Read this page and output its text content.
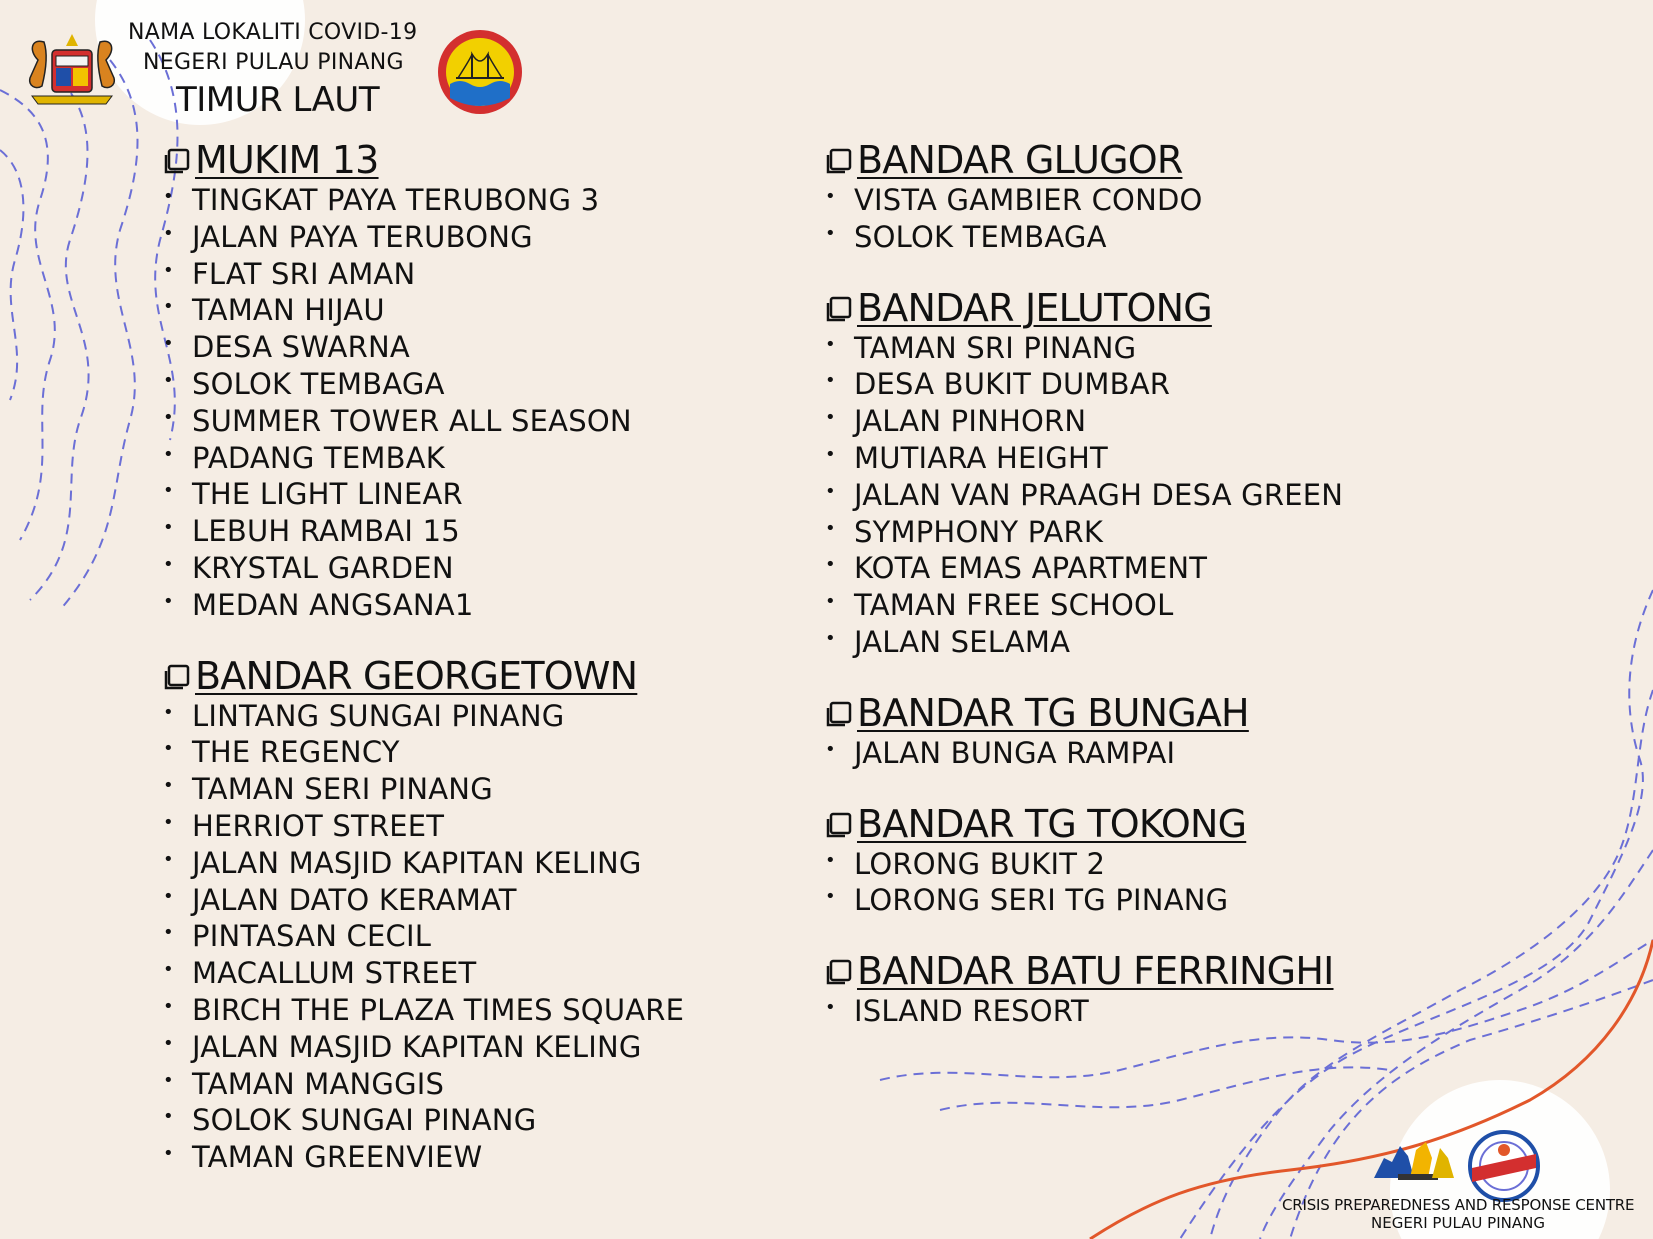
NAMA LOKALITI COVID-19
NEGERI PULAU PINANG
TIMUR LAUT
MUKIM 13
• TINGKAT PAYA TERUBONG 3
• JALAN PAYA TERUBONG
• FLAT SRI AMAN
• TAMAN HIJAU
• DESA SWARNA
• SOLOK TEMBAGA
• SUMMER TOWER ALL SEASON
• PADANG TEMBAK
• THE LIGHT LINEAR
• LEBUH RAMBAI 15
• KRYSTAL GARDEN
• MEDAN ANGSANA1
BANDAR GEORGETOWN
• LINTANG SUNGAI PINANG
• THE REGENCY
• TAMAN SERI PINANG
• HERRIOT STREET
• JALAN MASJID KAPITAN KELING
• JALAN DATO KERAMAT
• PINTASAN CECIL
• MACALLUM STREET
• BIRCH THE PLAZA TIMES SQUARE
• JALAN MASJID KAPITAN KELING
• TAMAN MANGGIS
• SOLOK SUNGAI PINANG
• TAMAN GREENVIEW
BANDAR GLUGOR
• VISTA GAMBIER CONDO
• SOLOK TEMBAGA
BANDAR JELUTONG
• TAMAN SRI PINANG
• DESA BUKIT DUMBAR
• JALAN PINHORN
• MUTIARA HEIGHT
• JALAN VAN PRAAGH DESA GREEN
• SYMPHONY PARK
• KOTA EMAS APARTMENT
• TAMAN FREE SCHOOL
• JALAN SELAMA
BANDAR TG BUNGAH
• JALAN BUNGA RAMPAI
BANDAR TG TOKONG
• LORONG BUKIT 2
• LORONG SERI TG PINANG
BANDAR BATU FERRINGHI
• ISLAND RESORT
CRISIS PREPAREDNESS AND RESPONSE CENTRE
NEGERI PULAU PINANG
